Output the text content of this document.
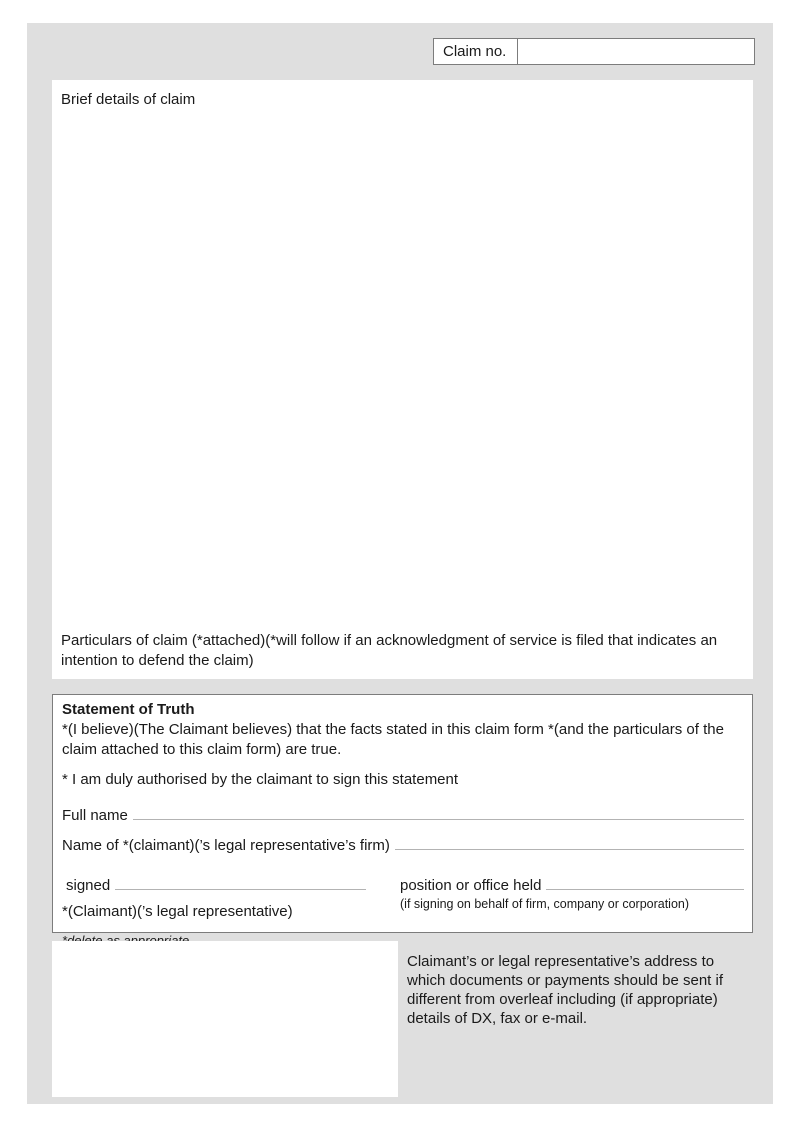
Claim no.
Brief details of claim
Particulars of claim (*attached)(*will follow if an acknowledgment of service is filed that indicates an intention to defend the claim)

Statement of Truth

*(I believe)(The Claimant believes) that the facts stated in this claim form *(and the particulars of the claim attached to this claim form) are true.

* I am duly authorised by the claimant to sign this statement

Full name
Name of *(claimant)(’s legal representative’s firm)
signed
*(Claimant)(’s legal representative)
position or office held
(if signing on behalf of firm, company or corporation)
Claimant’s or legal representative’s address to which documents or payments should be sent if different from overleaf including (if appropriate) details of DX, fax or e-mail.
